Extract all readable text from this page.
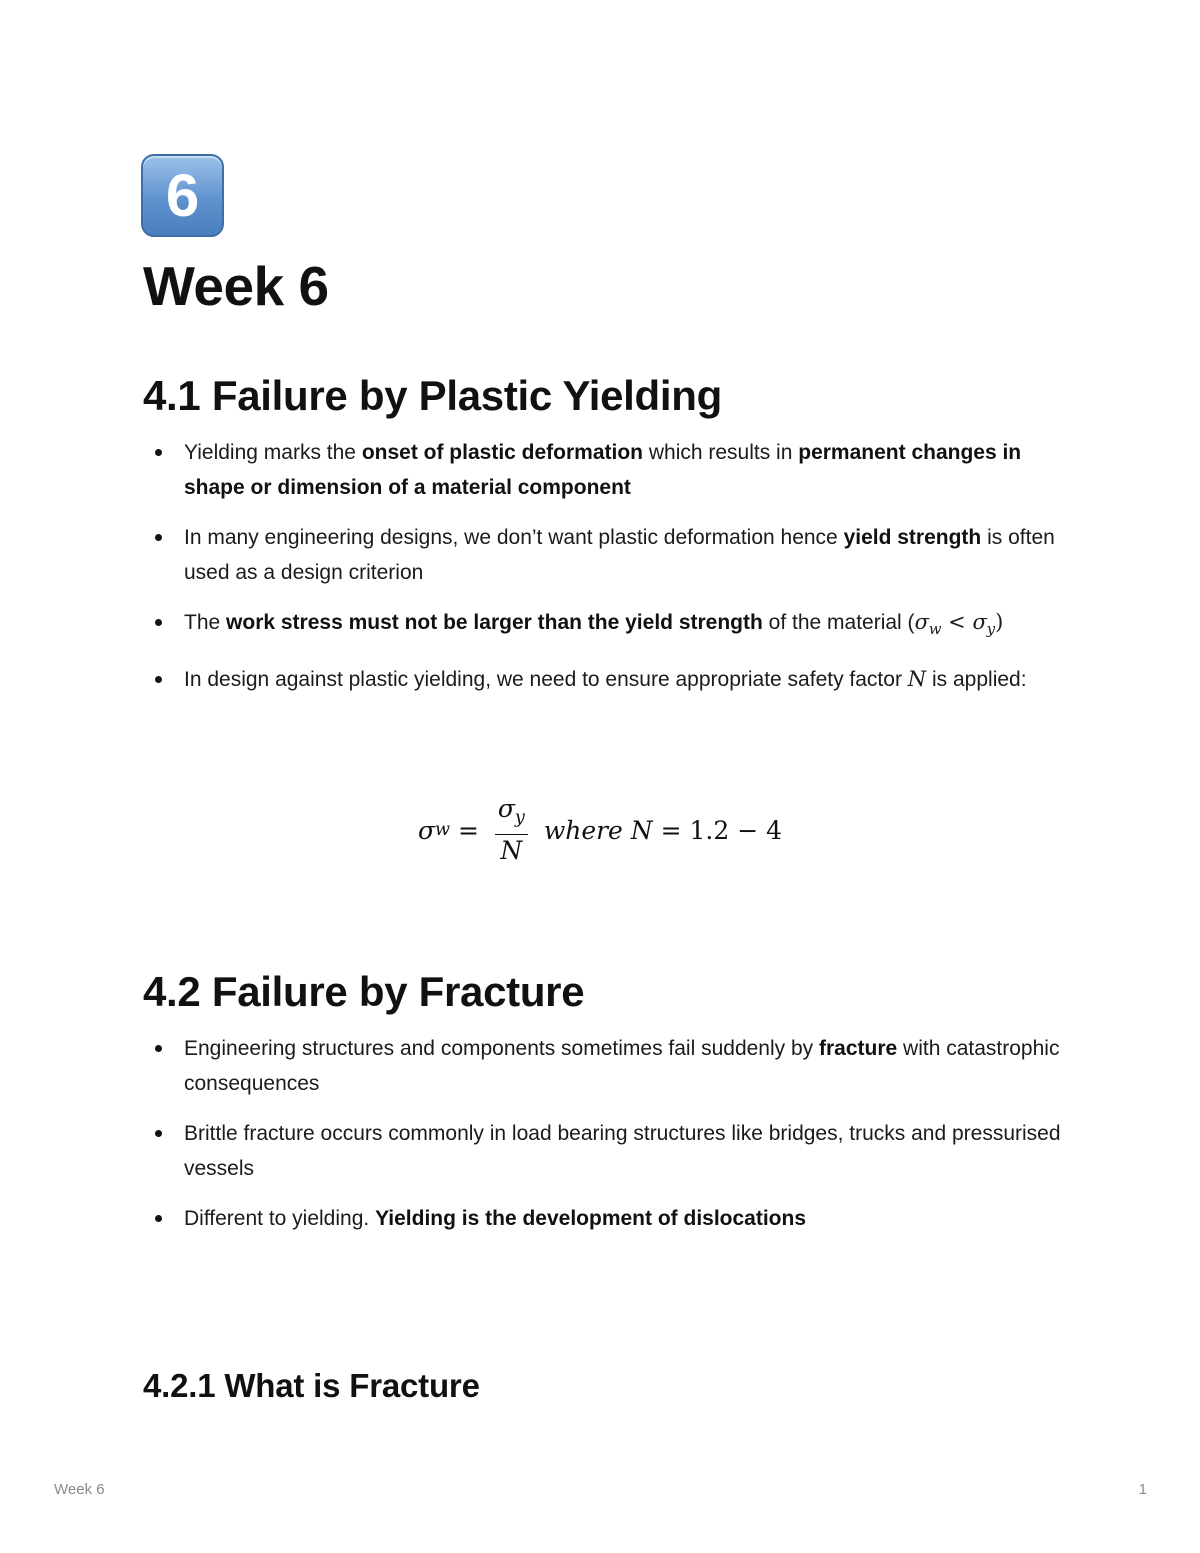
6
Week 6
4.1 Failure by Plastic Yielding
Yielding marks the onset of plastic deformation which results in permanent changes in shape or dimension of a material component
In many engineering designs, we don’t want plastic deformation hence yield strength is often used as a design criterion
The work stress must not be larger than the yield strength of the material $(\sigma_w < \sigma_y)$
In design against plastic yielding, we need to ensure appropriate safety factor N is applied:
σ $w = \frac{\sigma_y}{N}$ where N = 1.2 − 4
4.2 Failure by Fracture
Engineering structures and components sometimes fail suddenly by fracture with catastrophic consequences
Brittle fracture occurs commonly in load bearing structures like bridges, trucks and pressurised vessels
Different to yielding. Yielding is the development of dislocations
4.2.1 What is Fracture
Week 6	1
